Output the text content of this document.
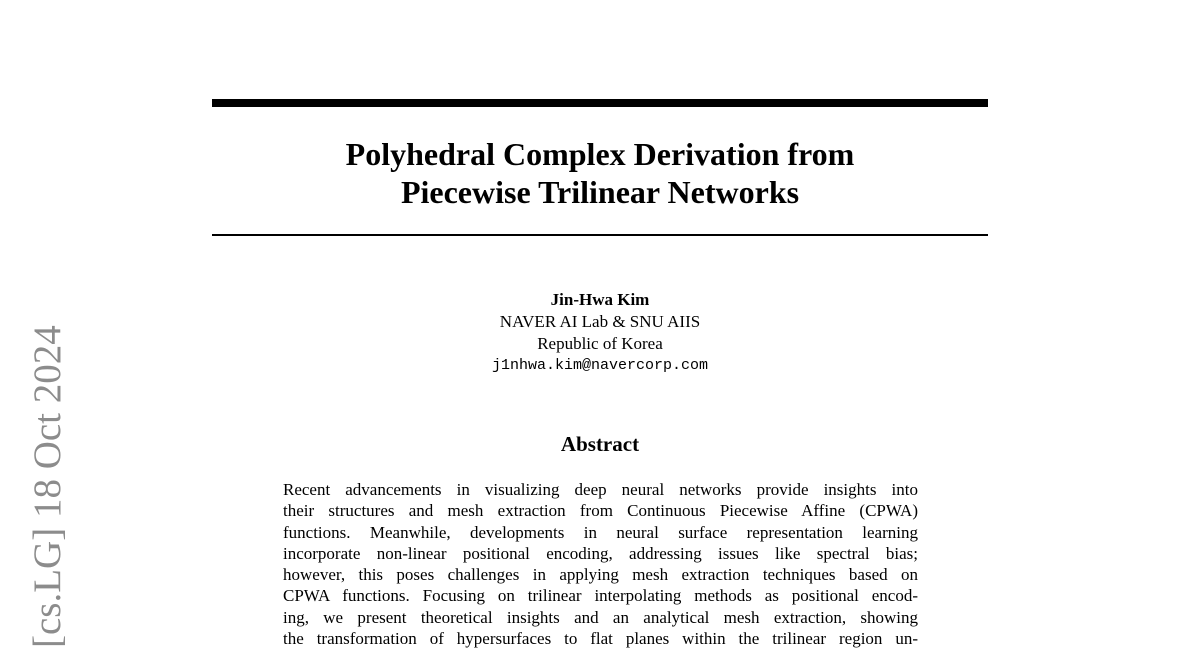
[cs.LG] 18 Oct 2024
Polyhedral Complex Derivation from
Piecewise Trilinear Networks
Jin-Hwa Kim
NAVER AI Lab & SNU AIIS
Republic of Korea
j1nhwa.kim@navercorp.com
Abstract
Recent advancements in visualizing deep neural networks provide insights into
their structures and mesh extraction from Continuous Piecewise Affine (CPWA)
functions. Meanwhile, developments in neural surface representation learning
incorporate non-linear positional encoding, addressing issues like spectral bias;
however, this poses challenges in applying mesh extraction techniques based on
CPWA functions. Focusing on trilinear interpolating methods as positional encod-
ing, we present theoretical insights and an analytical mesh extraction, showing
the transformation of hypersurfaces to flat planes within the trilinear region un-
